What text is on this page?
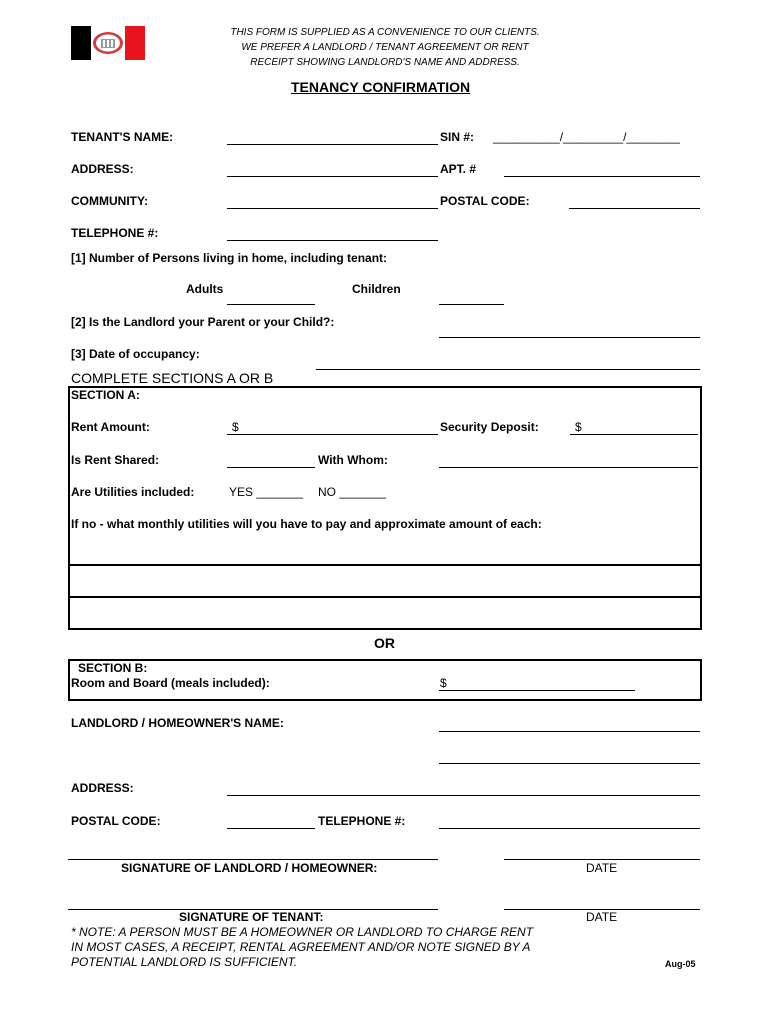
THIS FORM IS SUPPLIED AS A CONVENIENCE TO OUR CLIENTS.
WE PREFER A LANDLORD / TENANT AGREEMENT OR RENT
RECEIPT SHOWING LANDLORD'S NAME AND ADDRESS.
TENANCY CONFIRMATION
TENANT'S NAME:	SIN #: __________/_________/________
ADDRESS:	APT. #
COMMUNITY:	POSTAL CODE:
TELEPHONE #:
[1] Number of Persons living in home, including tenant:
Adults	Children
[2] Is the Landlord your Parent or your Child?:
[3] Date of occupancy:
COMPLETE SECTIONS A OR B
SECTION A:
Rent Amount:	$	Security Deposit:	$
Is Rent Shared:	With Whom:
Are Utilities included:	YES _______ NO _______
If no - what monthly utilities will you have to pay and approximate amount of each:
OR
SECTION B:
Room and Board (meals included):	$
LANDLORD / HOMEOWNER'S NAME:
ADDRESS:
POSTAL CODE:	TELEPHONE #:
SIGNATURE OF LANDLORD / HOMEOWNER:	DATE
SIGNATURE OF TENANT:	DATE
* NOTE: A PERSON MUST BE A HOMEOWNER OR LANDLORD TO CHARGE RENT
IN MOST CASES, A RECEIPT, RENTAL AGREEMENT AND/OR NOTE SIGNED BY A
POTENTIAL LANDLORD IS SUFFICIENT.	Aug-05
